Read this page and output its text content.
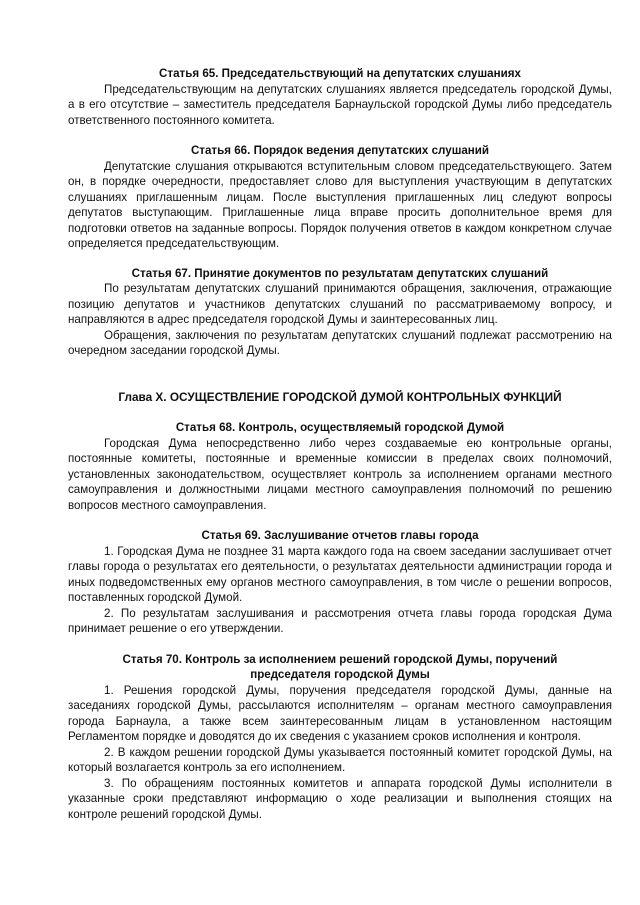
Статья 65. Председательствующий на депутатских слушаниях

Председательствующим на депутатских слушаниях является председатель городской Думы, а в его отсутствие – заместитель председателя Барнаульской городской Думы либо председатель ответственного постоянного комитета.

Статья 66. Порядок ведения депутатских слушаний

Депутатские слушания открываются вступительным словом председательствующего. Затем он, в порядке очередности, предоставляет слово для выступления участвующим в депутатских слушаниях приглашенным лицам. После выступления приглашенных лиц следуют вопросы депутатов выступающим. Приглашенные лица вправе просить дополнительное время для подготовки ответов на заданные вопросы. Порядок получения ответов в каждом конкретном случае определяется председательствующим.

Статья 67. Принятие документов по результатам депутатских слушаний

По результатам депутатских слушаний принимаются обращения, заключения, отражающие позицию депутатов и участников депутатских слушаний по рассматриваемому вопросу, и направляются в адрес председателя городской Думы и заинтересованных лиц.

Обращения, заключения по результатам депутатских слушаний подлежат рассмотрению на очередном заседании городской Думы.

Глава X. ОСУЩЕСТВЛЕНИЕ ГОРОДСКОЙ ДУМОЙ КОНТРОЛЬНЫХ ФУНКЦИЙ

Статья 68. Контроль, осуществляемый городской Думой

Городская Дума непосредственно либо через создаваемые ею контрольные органы, постоянные комитеты, постоянные и временные комиссии в пределах своих полномочий, установленных законодательством, осуществляет контроль за исполнением органами местного самоуправления и должностными лицами местного самоуправления полномочий по решению вопросов местного самоуправления.

Статья 69. Заслушивание отчетов главы города

1. Городская Дума не позднее 31 марта каждого года на своем заседании заслушивает отчет главы города о результатах его деятельности, о результатах деятельности администрации города и иных подведомственных ему органов местного самоуправления, в том числе о решении вопросов, поставленных городской Думой.

2. По результатам заслушивания и рассмотрения отчета главы города городская Дума принимает решение о его утверждении.

Статья 70. Контроль за исполнением решений городской Думы, поручений

председателя городской Думы

1. Решения городской Думы, поручения председателя городской Думы, данные на заседаниях городской Думы, рассылаются исполнителям – органам местного самоуправления города Барнаула, а также всем заинтересованным лицам в установленном настоящим Регламентом порядке и доводятся до их сведения с указанием сроков исполнения и контроля.

2. В каждом решении городской Думы указывается постоянный комитет городской Думы, на который возлагается контроль за его исполнением.

3. По обращениям постоянных комитетов и аппарата городской Думы исполнители в указанные сроки представляют информацию о ходе реализации и выполнения стоящих на контроле решений городской Думы.
